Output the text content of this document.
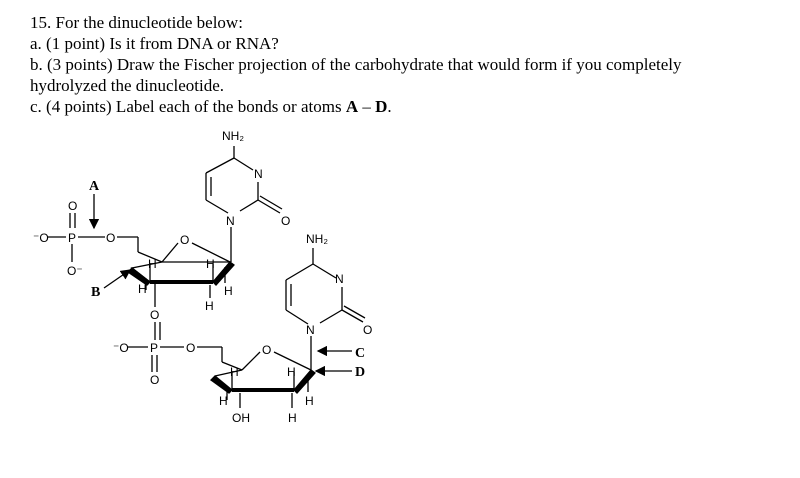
15. For the dinucleotide below:
a. (1 point) Is it from DNA or RNA?
b. (3 points) Draw the Fischer projection of the carbohydrate that would form if you completely
hydrolyzed the dinucleotide.
c. (4 points) Label each of the bonds or atoms A – D.
NH₂
N
N	O
⁻O P O
O
O⁻
A
O
H	H
H	H
H
B
O
⁻O P O
O
NH₂
N
N	O
C
D
O
H	H
H	H
OH	H
